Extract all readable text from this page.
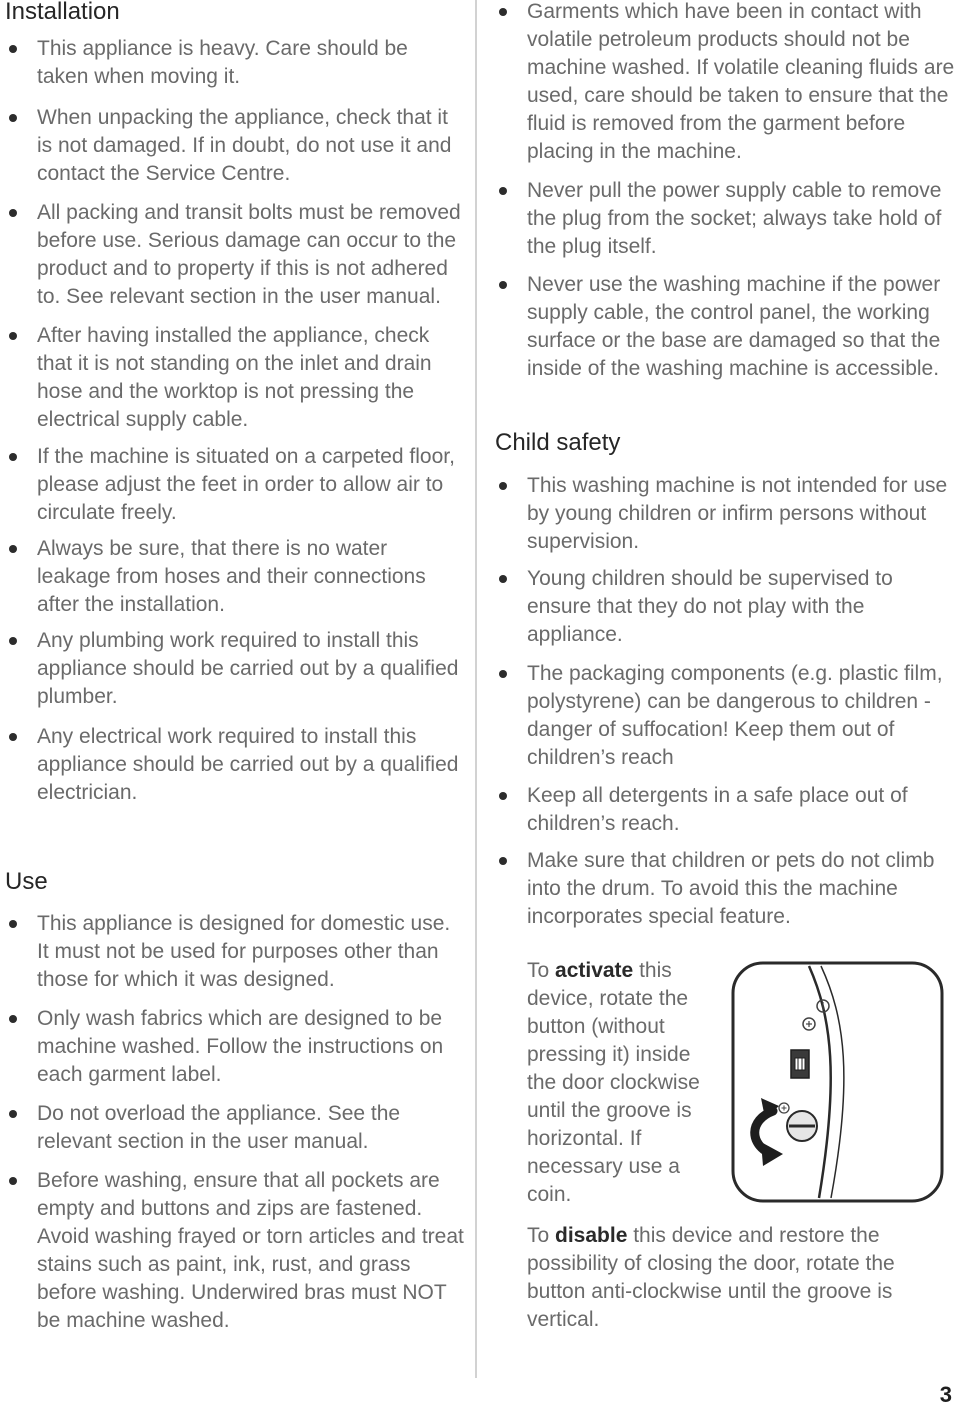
Installation
This appliance is heavy. Care should be taken when moving it.
When unpacking the appliance, check that it is not damaged. If in doubt, do not use it and contact the Service Centre.
All packing and transit bolts must be removed before use. Serious damage can occur to the product and to property if this is not adhered to. See relevant section in the user manual.
After having installed the appliance, check that it is not standing on the inlet and drain hose and the worktop is not pressing the electrical supply cable.
If the machine is situated on a carpeted floor, please adjust the feet in order to allow air to circulate freely.
Always be sure, that there is no water leakage from hoses and their connections after the installation.
Any plumbing work required to install this appliance should be carried out by a qualified plumber.
Any electrical work required to install this appliance should be carried out by a qualified electrician.
Use
This appliance is designed for domestic use. It must not be used for purposes other than those for which it was designed.
Only wash fabrics which are designed to be machine washed. Follow the instructions on each garment label.
Do not overload the appliance. See the relevant section in the user manual.
Before washing, ensure that all pockets are empty and buttons and zips are fastened. Avoid washing frayed or torn articles and treat stains such as paint, ink, rust, and grass before washing. Underwired bras must NOT be machine washed.
Garments which have been in contact with volatile petroleum products should not be machine washed. If volatile cleaning fluids are used, care should be taken to ensure that the fluid is removed from the garment before placing in the machine.
Never pull the power supply cable to remove the plug from the socket; always take hold of the plug itself.
Never use the washing machine if the power supply cable, the control panel, the working surface or the base are damaged so that the inside of the washing machine is accessible.
Child safety
This washing machine is not intended for use by young children or infirm persons without supervision.
Young children should be supervised to ensure that they do not play with the appliance.
The packaging components (e.g. plastic film, polystyrene) can be dangerous to children - danger of suffocation! Keep them out of children’s reach
Keep all detergents in a safe place out of children’s reach.
Make sure that children or pets do not climb into the drum. To avoid this the machine incorporates special feature.
To activate this device, rotate the button (without pressing it) inside the door clockwise until the groove is horizontal. If necessary use a coin.
To disable this device and restore the possibility of closing the door, rotate the button anti-clockwise until the groove is vertical.
3
